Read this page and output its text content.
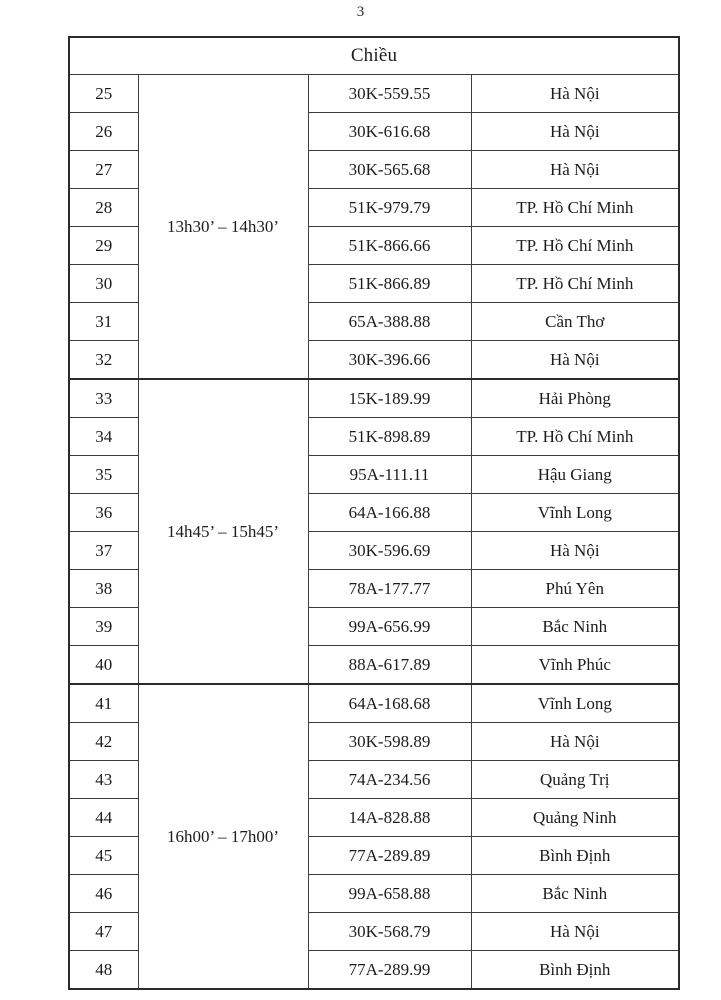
3
Chiều			
25	13h30’ – 14h30’	30K-559.55	Hà Nội
26		30K-616.68	Hà Nội
27		30K-565.68	Hà Nội
28		51K-979.79	TP. Hồ Chí Minh
29		51K-866.66	TP. Hồ Chí Minh
30		51K-866.89	TP. Hồ Chí Minh
31		65A-388.88	Cần Thơ
32		30K-396.66	Hà Nội
33	14h45’ – 15h45’	15K-189.99	Hải Phòng
34		51K-898.89	TP. Hồ Chí Minh
35		95A-111.11	Hậu Giang
36		64A-166.88	Vĩnh Long
37		30K-596.69	Hà Nội
38		78A-177.77	Phú Yên
39		99A-656.99	Bắc Ninh
40		88A-617.89	Vĩnh Phúc
41	16h00’ – 17h00’	64A-168.68	Vĩnh Long
42		30K-598.89	Hà Nội
43		74A-234.56	Quảng Trị
44		14A-828.88	Quảng Ninh
45		77A-289.89	Bình Định
46		99A-658.88	Bắc Ninh
47		30K-568.79	Hà Nội
48		77A-289.99	Bình Định
